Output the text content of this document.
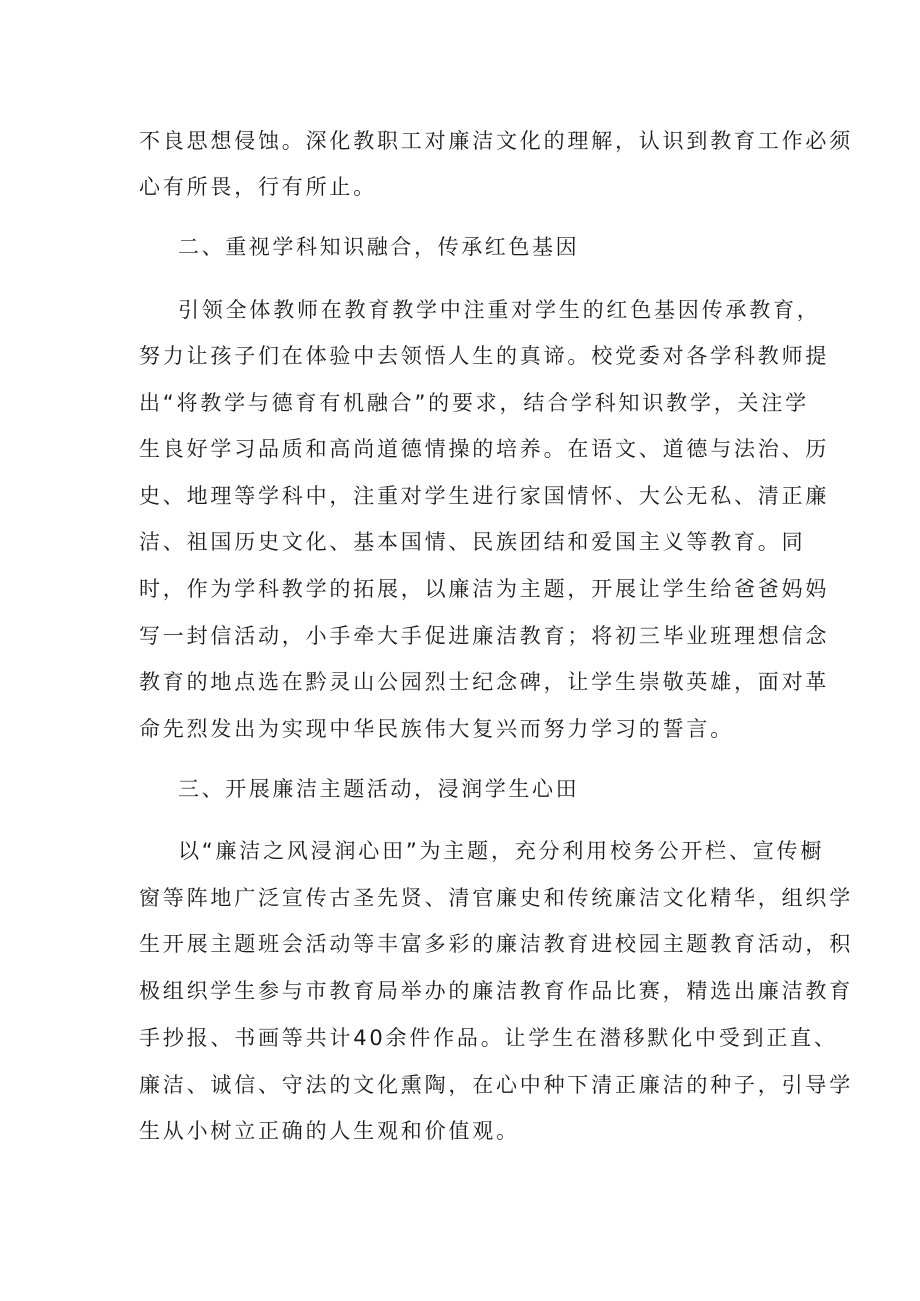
不良思想侵蚀。深化教职工对廉洁文化的理解，认识到教育工作必须
心有所畏，行有所止。
二、重视学科知识融合，传承红色基因
引领全体教师在教育教学中注重对学生的红色基因传承教育，
努力让孩子们在体验中去领悟人生的真谛。校党委对各学科教师提
出“将教学与德育有机融合”的要求，结合学科知识教学，关注学
生良好学习品质和高尚道德情操的培养。在语文、道德与法治、历
史、地理等学科中，注重对学生进行家国情怀、大公无私、清正廉
洁、祖国历史文化、基本国情、民族团结和爱国主义等教育。同
时，作为学科教学的拓展，以廉洁为主题，开展让学生给爸爸妈妈
写一封信活动，小手牵大手促进廉洁教育；将初三毕业班理想信念
教育的地点选在黔灵山公园烈士纪念碑，让学生崇敬英雄，面对革
命先烈发出为实现中华民族伟大复兴而努力学习的誓言。
三、开展廉洁主题活动，浸润学生心田
以“廉洁之风浸润心田”为主题，充分利用校务公开栏、宣传橱
窗等阵地广泛宣传古圣先贤、清官廉史和传统廉洁文化精华，组织学
生开展主题班会活动等丰富多彩的廉洁教育进校园主题教育活动，积
极组织学生参与市教育局举办的廉洁教育作品比赛，精选出廉洁教育
手抄报、书画等共计40余件作品。让学生在潜移默化中受到正直、
廉洁、诚信、守法的文化熏陶，在心中种下清正廉洁的种子，引导学
生从小树立正确的人生观和价值观。
